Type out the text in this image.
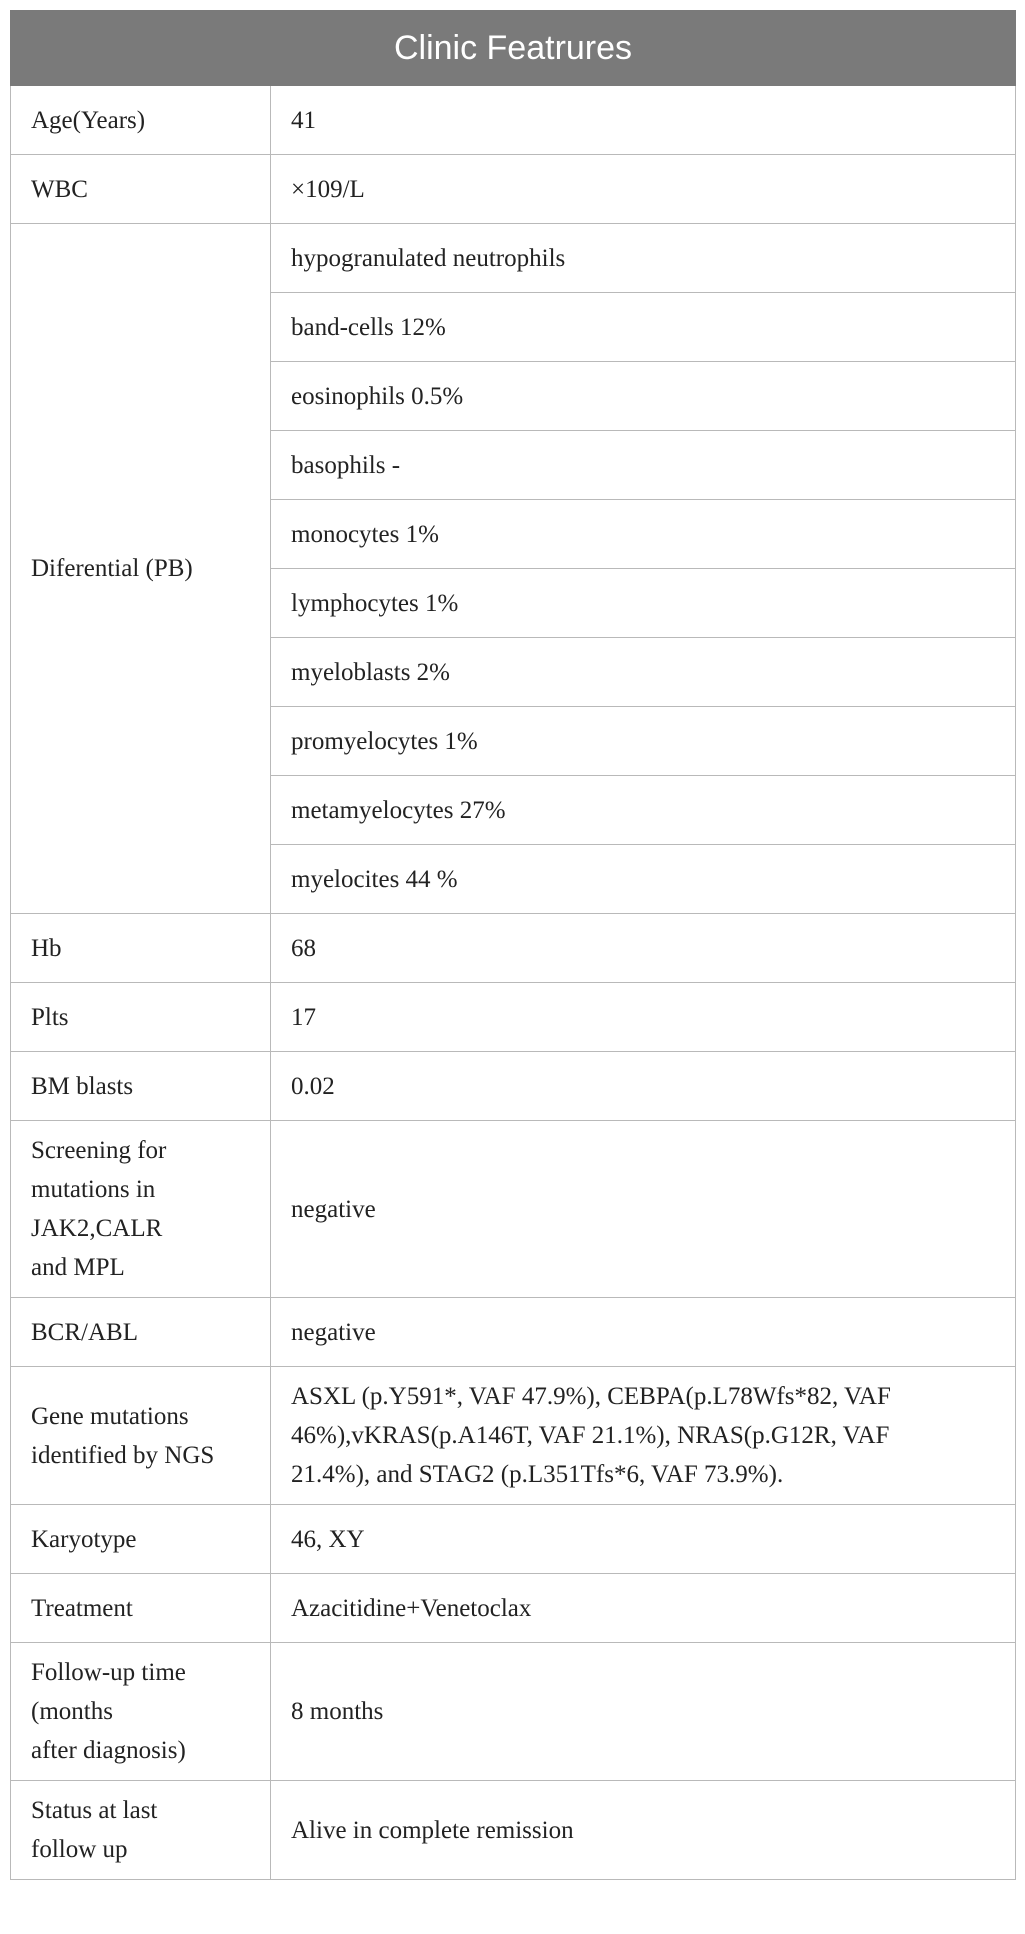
Clinic Featrures	
Age(Years)	41
WBC	×109/L
Diferential (PB)	hypogranulated neutrophils
	band-cells 12%
	eosinophils 0.5%
	basophils -
	monocytes 1%
	lymphocytes 1%
	myeloblasts 2%
	promyelocytes 1%
	metamyelocytes 27%
	myelocites 44 %
Hb	68
Plts	17
BM blasts	0.02
Screening for
mutations in
JAK2,CALR
and MPL	negative
BCR/ABL	negative
Gene mutations
identified by NGS	ASXL (p.Y591*, VAF 47.9%), CEBPA(p.L78Wfs*82, VAF
46%),vKRAS(p.A146T, VAF 21.1%), NRAS(p.G12R, VAF
21.4%), and STAG2 (p.L351Tfs*6, VAF 73.9%).
Karyotype	46, XY
Treatment	Azacitidine+Venetoclax
Follow-up time
(months
after diagnosis)	8 months
Status at last
follow up	Alive in complete remission
